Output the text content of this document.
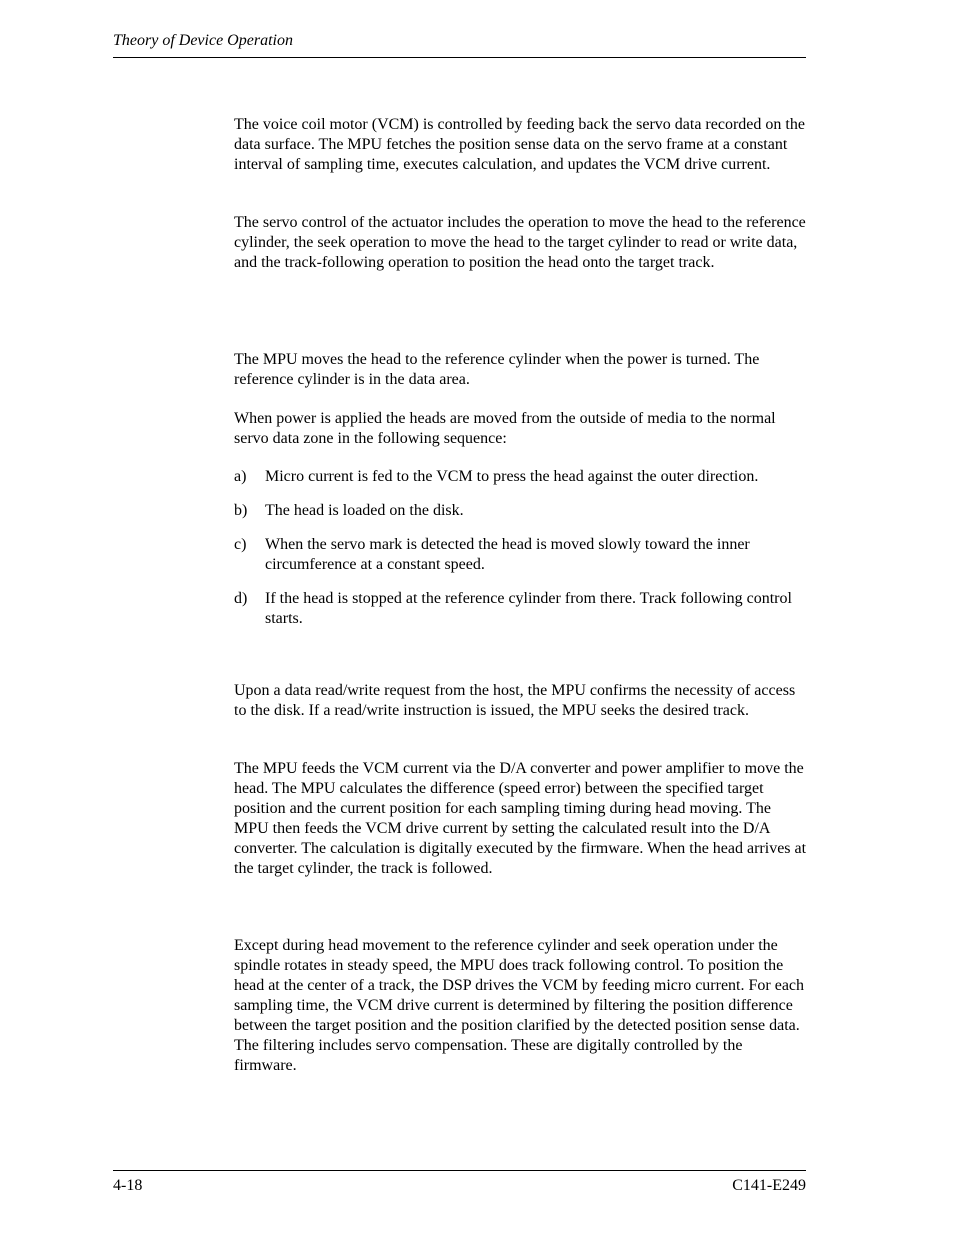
Theory of Device Operation

The voice coil motor (VCM) is controlled by feeding back the servo data recorded on the data surface. The MPU fetches the position sense data on the servo frame at a constant interval of sampling time, executes calculation, and updates the VCM drive current.

The servo control of the actuator includes the operation to move the head to the reference cylinder, the seek operation to move the head to the target cylinder to read or write data, and the track-following operation to position the head onto the target track.

The MPU moves the head to the reference cylinder when the power is turned. The reference cylinder is in the data area.

When power is applied the heads are moved from the outside of media to the normal servo data zone in the following sequence:

a)	Micro current is fed to the VCM to press the head against the outer direction.
b)	The head is loaded on the disk.
c)	When the servo mark is detected the head is moved slowly toward the inner circumference at a constant speed.
d)	If the head is stopped at the reference cylinder from there. Track following control starts.

Upon a data read/write request from the host, the MPU confirms the necessity of access to the disk. If a read/write instruction is issued, the MPU seeks the desired track.

The MPU feeds the VCM current via the D/A converter and power amplifier to move the head. The MPU calculates the difference (speed error) between the specified target position and the current position for each sampling timing during head moving. The MPU then feeds the VCM drive current by setting the calculated result into the D/A converter. The calculation is digitally executed by the firmware. When the head arrives at the target cylinder, the track is followed.

Except during head movement to the reference cylinder and seek operation under the spindle rotates in steady speed, the MPU does track following control. To position the head at the center of a track, the DSP drives the VCM by feeding micro current. For each sampling time, the VCM drive current is determined by filtering the position difference between the target position and the position clarified by the detected position sense data. The filtering includes servo compensation. These are digitally controlled by the firmware.

4-18	C141-E249
